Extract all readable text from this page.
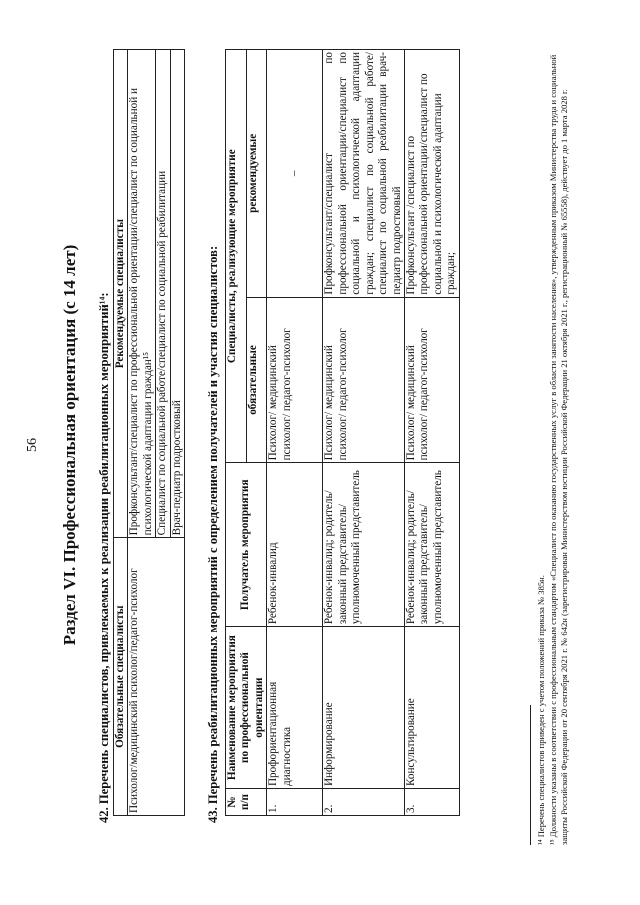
56 Раздел VI. Профессиональная ориентация (с 14 лет) 42. Перечень специалистов, привлекаемых к реализации реабилитационных мероприятий¹⁴: Обязательные специалисты	Рекомендуемые специалисты
Психолог/медицинский психолог/педагог-психолог	Профконсультант/специалист по профессиональной ориентации/специалист по социальной и психологической адаптации граждан¹⁵
	Специалист по социальной работе/специалист по социальной реабилитации
	Врач-педиатр подростковый 43. Перечень реабилитационных мероприятий с определением получателей и участия специалистов: № п/п	Наименование мероприятия по профессиональной ориентации	Получатель мероприятия	Специалисты, реализующие мероприятие	
			обязательные	рекомендуемые
1.	Профориентационная диагностика	Ребенок-инвалид	Психолог/ медицинский психолог/ педагог-психолог	–
2.	Информирование	Ребенок-инвалид; родитель/ законный представитель/ уполномоченный представитель	Психолог/ медицинский психолог/ педагог-психолог	Профконсультант/специалист по профессиональной ориентации/специалист по социальной и психологической адаптации граждан; специалист по социальной работе/ специалист по социальной реабилитации врач-педиатр подростковый
3.	Консультирование	Ребенок-инвалид; родитель/ законный представитель/ уполномоченный представитель	Психолог/ медицинский психолог/ педагог-психолог	Профконсультант /специалист по профессиональной ориентации/специалист по социальной и психологической адаптации граждан;
¹⁴ Перечень специалистов приведен с учетом положений приказа № 385н. ¹⁵ Должности указаны в соответствии с профессиональным стандартом «Специалист по оказанию государственных услуг в области занятости населения», утвержденным приказом Министерства труда и социальной защиты Российской Федерации от 20 сентября 2021 г. № 642н (зарегистрирован Министерством юстиции Российской Федерации 21 октября 2021 г., регистрационный № 65558), действует до 1 марта 2028 г.
